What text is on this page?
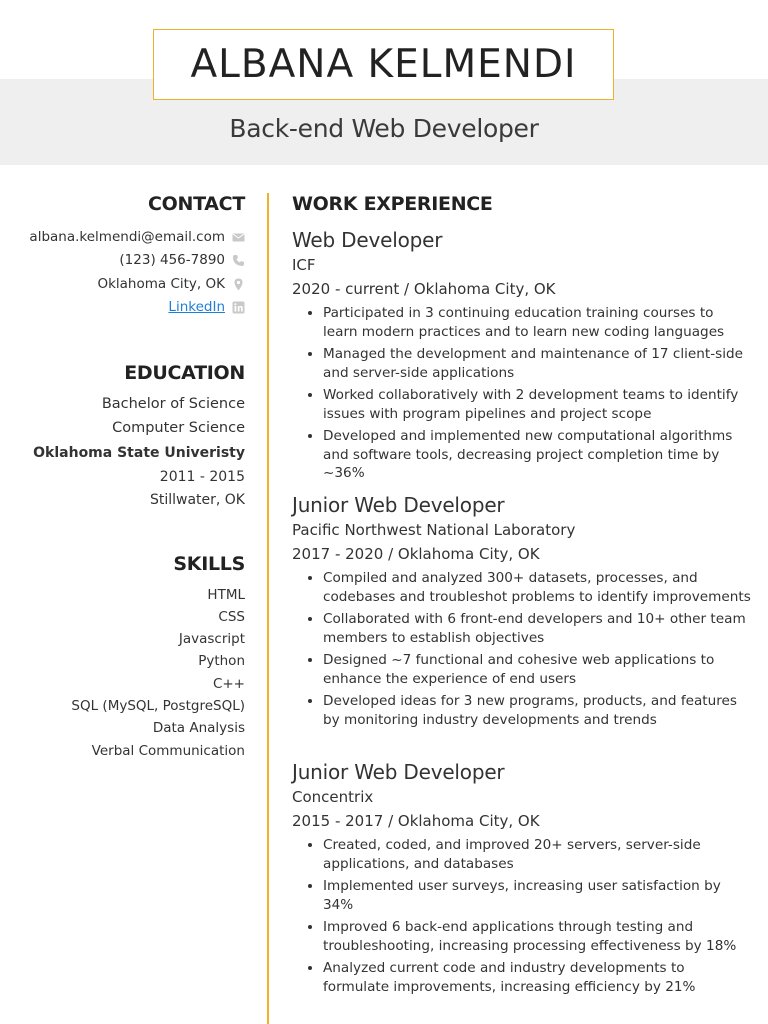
ALBANA KELMENDI
Back-end Web Developer
CONTACT
albana.kelmendi@email.com
(123) 456-7890
Oklahoma City, OK
LinkedIn
EDUCATION
Bachelor of Science
Computer Science
Oklahoma State Univeristy
2011 - 2015
Stillwater, OK
SKILLS
HTML
CSS
Javascript
Python
C++
SQL (MySQL, PostgreSQL)
Data Analysis
Verbal Communication
WORK EXPERIENCE
Web Developer
ICF
2020 - current / Oklahoma City, OK
• Participated in 3 continuing education training courses to learn modern practices and to learn new coding languages
• Managed the development and maintenance of 17 client-side and server-side applications
• Worked collaboratively with 2 development teams to identify issues with program pipelines and project scope
• Developed and implemented new computational algorithms and software tools, decreasing project completion time by ~36%
Junior Web Developer
Pacific Northwest National Laboratory
2017 - 2020 / Oklahoma City, OK
• Compiled and analyzed 300+ datasets, processes, and codebases and troubleshot problems to identify improvements
• Collaborated with 6 front-end developers and 10+ other team members to establish objectives
• Designed ~7 functional and cohesive web applications to enhance the experience of end users
• Developed ideas for 3 new programs, products, and features by monitoring industry developments and trends
Junior Web Developer
Concentrix
2015 - 2017 / Oklahoma City, OK
• Created, coded, and improved 20+ servers, server-side applications, and databases
• Implemented user surveys, increasing user satisfaction by 34%
• Improved 6 back-end applications through testing and troubleshooting, increasing processing effectiveness by 18%
• Analyzed current code and industry developments to formulate improvements, increasing efficiency by 21%
